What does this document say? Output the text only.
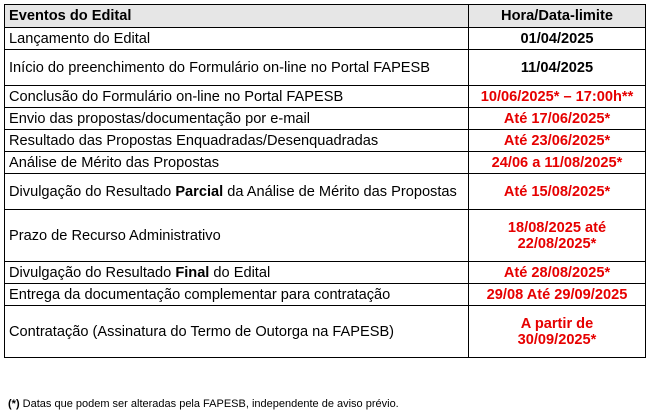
Eventos do Edital	Hora/Data-limite
Lançamento do Edital	01/04/2025
Início do preenchimento do Formulário on-line no Portal FAPESB	11/04/2025
Conclusão do Formulário on-line no Portal FAPESB	10/06/2025* – 17:00h**
Envio das propostas/documentação por e-mail	Até 17/06/2025*
Resultado das Propostas Enquadradas/Desenquadradas	Até 23/06/2025*
Análise de Mérito das Propostas	24/06 a 11/08/2025*
Divulgação do Resultado Parcial da Análise de Mérito das Propostas	Até 15/08/2025*
Prazo de Recurso Administrativo	18/08/2025 até
22/08/2025*
Divulgação do Resultado Final do Edital	Até 28/08/2025*
Entrega da documentação complementar para contratação	29/08 Até 29/09/2025
Contratação (Assinatura do Termo de Outorga na FAPESB)	A partir de
30/09/2025*
(*) Datas que podem ser alteradas pela FAPESB, independente de aviso prévio.
